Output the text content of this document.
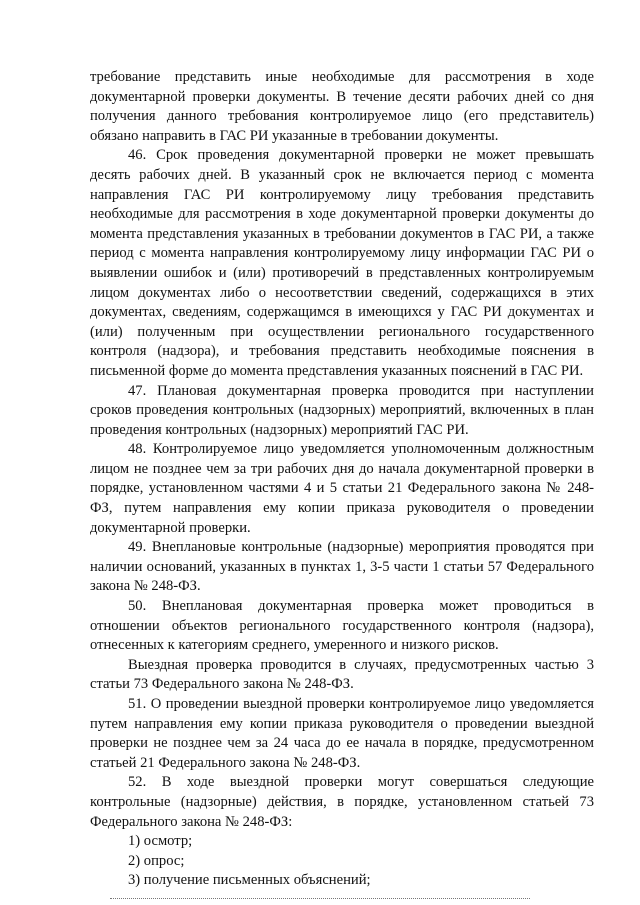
требование представить иные необходимые для рассмотрения в ходе документарной проверки документы. В течение десяти рабочих дней со дня получения данного требования контролируемое лицо (его представитель) обязано направить в ГАС РИ указанные в требовании документы.

46. Срок проведения документарной проверки не может превышать десять рабочих дней. В указанный срок не включается период с момента направления ГАС РИ контролируемому лицу требования представить необходимые для рассмотрения в ходе документарной проверки документы до момента представления указанных в требовании документов в ГАС РИ, а также период с момента направления контролируемому лицу информации ГАС РИ о выявлении ошибок и (или) противоречий в представленных контролируемым лицом документах либо о несоответствии сведений, содержащихся в этих документах, сведениям, содержащимся в имеющихся у ГАС РИ документах и (или) полученным при осуществлении регионального государственного контроля (надзора), и требования представить необходимые пояснения в письменной форме до момента представления указанных пояснений в ГАС РИ.

47. Плановая документарная проверка проводится при наступлении сроков проведения контрольных (надзорных) мероприятий, включенных в план проведения контрольных (надзорных) мероприятий ГАС РИ.

48. Контролируемое лицо уведомляется уполномоченным должностным лицом не позднее чем за три рабочих дня до начала документарной проверки в порядке, установленном частями 4 и 5 статьи 21 Федерального закона № 248-ФЗ, путем направления ему копии приказа руководителя о проведении документарной проверки.

49. Внеплановые контрольные (надзорные) мероприятия проводятся при наличии оснований, указанных в пунктах 1, 3-5 части 1 статьи 57 Федерального закона № 248-ФЗ.

50. Внеплановая документарная проверка может проводиться в отношении объектов регионального государственного контроля (надзора), отнесенных к категориям среднего, умеренного и низкого рисков.

Выездная проверка проводится в случаях, предусмотренных частью 3 статьи 73 Федерального закона № 248-ФЗ.

51. О проведении выездной проверки контролируемое лицо уведомляется путем направления ему копии приказа руководителя о проведении выездной проверки не позднее чем за 24 часа до ее начала в порядке, предусмотренном статьей 21 Федерального закона № 248-ФЗ.

52. В ходе выездной проверки могут совершаться следующие контрольные (надзорные) действия, в порядке, установленном статьей 73 Федерального закона № 248-ФЗ:

1) осмотр;

2) опрос;

3) получение письменных объяснений;
